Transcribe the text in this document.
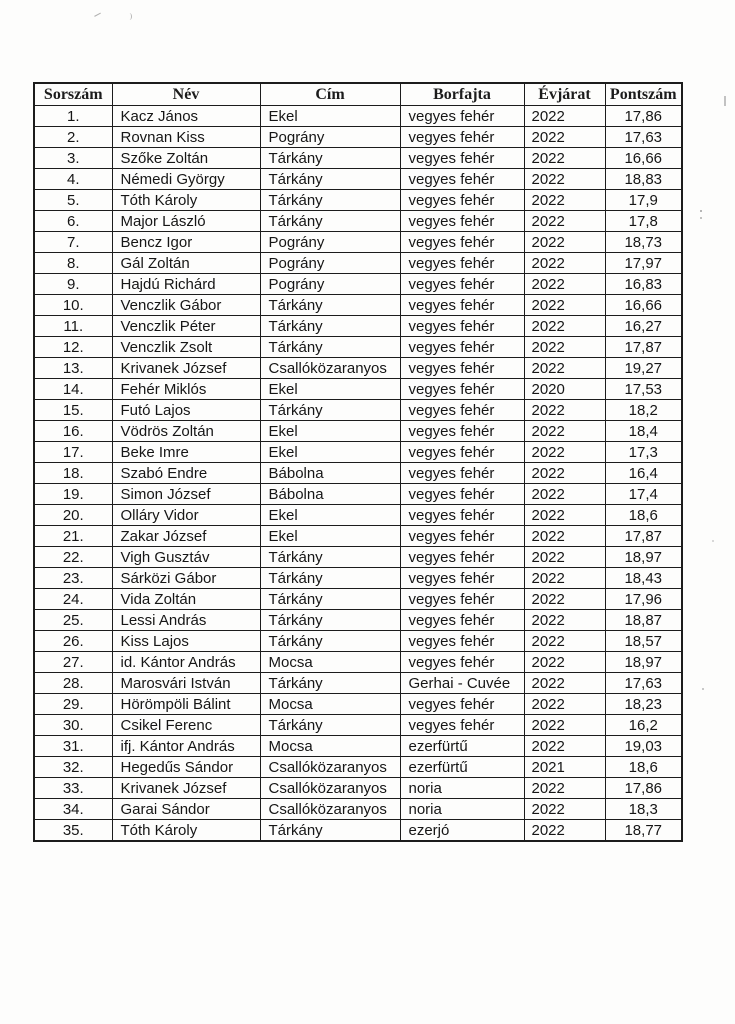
Sorszám	Név	Cím	Borfajta	Évjárat	Pontszám
1.	Kacz János	Ekel	vegyes fehér	2022	17,86
2.	Rovnan Kiss	Pográny	vegyes fehér	2022	17,63
3.	Szőke Zoltán	Tárkány	vegyes fehér	2022	16,66
4.	Némedi György	Tárkány	vegyes fehér	2022	18,83
5.	Tóth Károly	Tárkány	vegyes fehér	2022	17,9
6.	Major László	Tárkány	vegyes fehér	2022	17,8
7.	Bencz Igor	Pográny	vegyes fehér	2022	18,73
8.	Gál Zoltán	Pográny	vegyes fehér	2022	17,97
9.	Hajdú Richárd	Pográny	vegyes fehér	2022	16,83
10.	Venczlik Gábor	Tárkány	vegyes fehér	2022	16,66
11.	Venczlik Péter	Tárkány	vegyes fehér	2022	16,27
12.	Venczlik Zsolt	Tárkány	vegyes fehér	2022	17,87
13.	Krivanek József	Csallóközaranyos	vegyes fehér	2022	19,27
14.	Fehér Miklós	Ekel	vegyes fehér	2020	17,53
15.	Futó Lajos	Tárkány	vegyes fehér	2022	18,2
16.	Vödrös Zoltán	Ekel	vegyes fehér	2022	18,4
17.	Beke Imre	Ekel	vegyes fehér	2022	17,3
18.	Szabó Endre	Bábolna	vegyes fehér	2022	16,4
19.	Simon József	Bábolna	vegyes fehér	2022	17,4
20.	Olláry Vidor	Ekel	vegyes fehér	2022	18,6
21.	Zakar József	Ekel	vegyes fehér	2022	17,87
22.	Vigh Gusztáv	Tárkány	vegyes fehér	2022	18,97
23.	Sárközi Gábor	Tárkány	vegyes fehér	2022	18,43
24.	Vida Zoltán	Tárkány	vegyes fehér	2022	17,96
25.	Lessi András	Tárkány	vegyes fehér	2022	18,87
26.	Kiss Lajos	Tárkány	vegyes fehér	2022	18,57
27.	id. Kántor András	Mocsa	vegyes fehér	2022	18,97
28.	Marosvári István	Tárkány	Gerhai - Cuvée	2022	17,63
29.	Hörömpöli Bálint	Mocsa	vegyes fehér	2022	18,23
30.	Csikel Ferenc	Tárkány	vegyes fehér	2022	16,2
31.	ifj. Kántor András	Mocsa	ezerfürtű	2022	19,03
32.	Hegedűs Sándor	Csallóközaranyos	ezerfürtű	2021	18,6
33.	Krivanek József	Csallóközaranyos	noria	2022	17,86
34.	Garai Sándor	Csallóközaranyos	noria	2022	18,3
35.	Tóth Károly	Tárkány	ezerjó	2022	18,77
